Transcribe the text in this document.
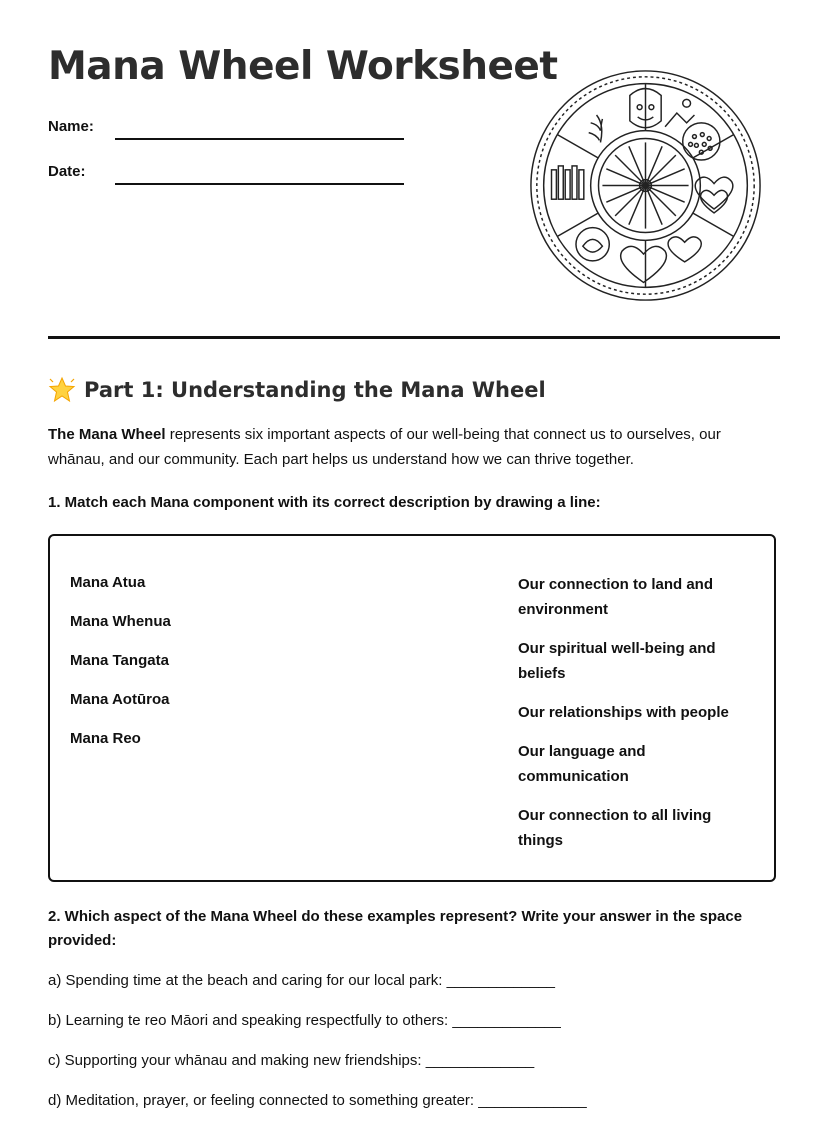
Mana Wheel Worksheet
Name:
Date:
Part 1: Understanding the Mana Wheel

The Mana Wheel represents six important aspects of our well-being that connect us to ourselves, our whānau, and our community. Each part helps us understand how we can thrive together.

1. Match each Mana component with its correct description by drawing a line:

Mana Atua
Mana Whenua
Mana Tangata
Mana Aotūroa
Mana Reo
Our connection to land and environment
Our spiritual well-being and beliefs
Our relationships with people
Our language and communication
Our connection to all living things

2. Which aspect of the Mana Wheel do these examples represent? Write your answer in the space provided:

a) Spending time at the beach and caring for our local park: _____________
b) Learning te reo Māori and speaking respectfully to others: _____________
c) Supporting your whānau and making new friendships: _____________
d) Meditation, prayer, or feeling connected to something greater: _____________
